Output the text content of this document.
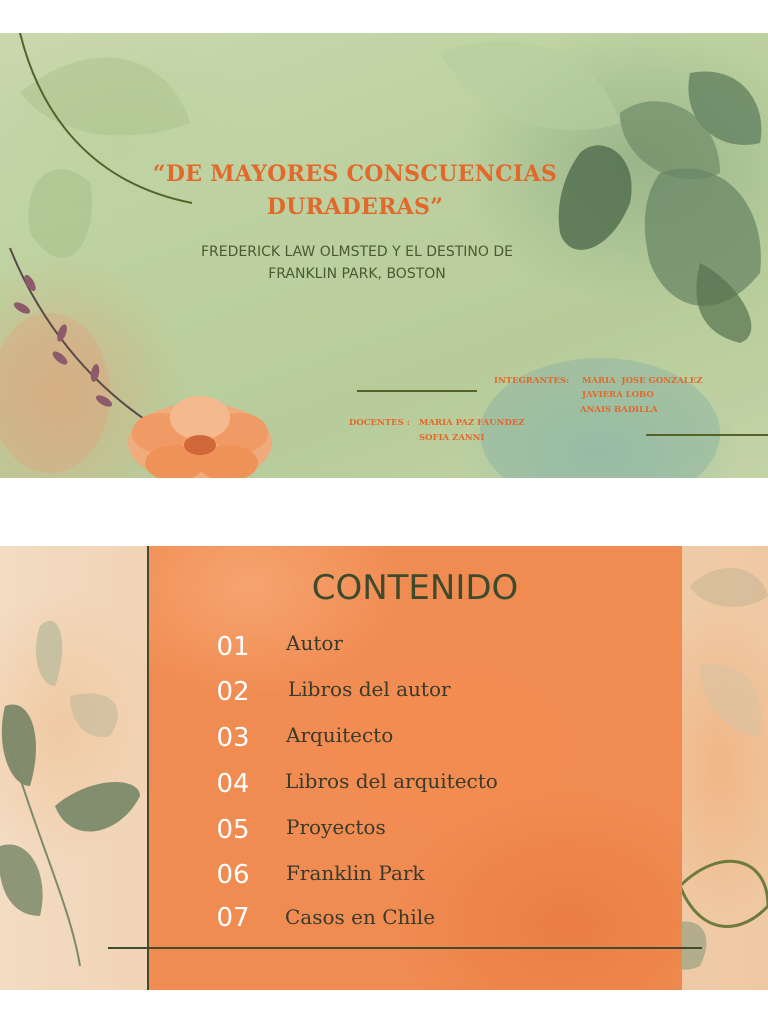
“DE MAYORES CONSCUENCIAS
DURADERAS”
FREDERICK LAW OLMSTED Y EL DESTINO DE
FRANKLIN PARK, BOSTON
INTEGRANTES: MARIA  JOSE GONZALEZ
JAVIERA LOBO
ANAIS BADILLA
DOCENTES : MARIA PAZ FAUNDEZ
SOFIA ZANNI
CONTENIDO
01	Autor
02	Libros del autor
03	Arquitecto
04	Libros del arquitecto
05	Proyectos
06	Franklin Park
07	Casos en Chile
